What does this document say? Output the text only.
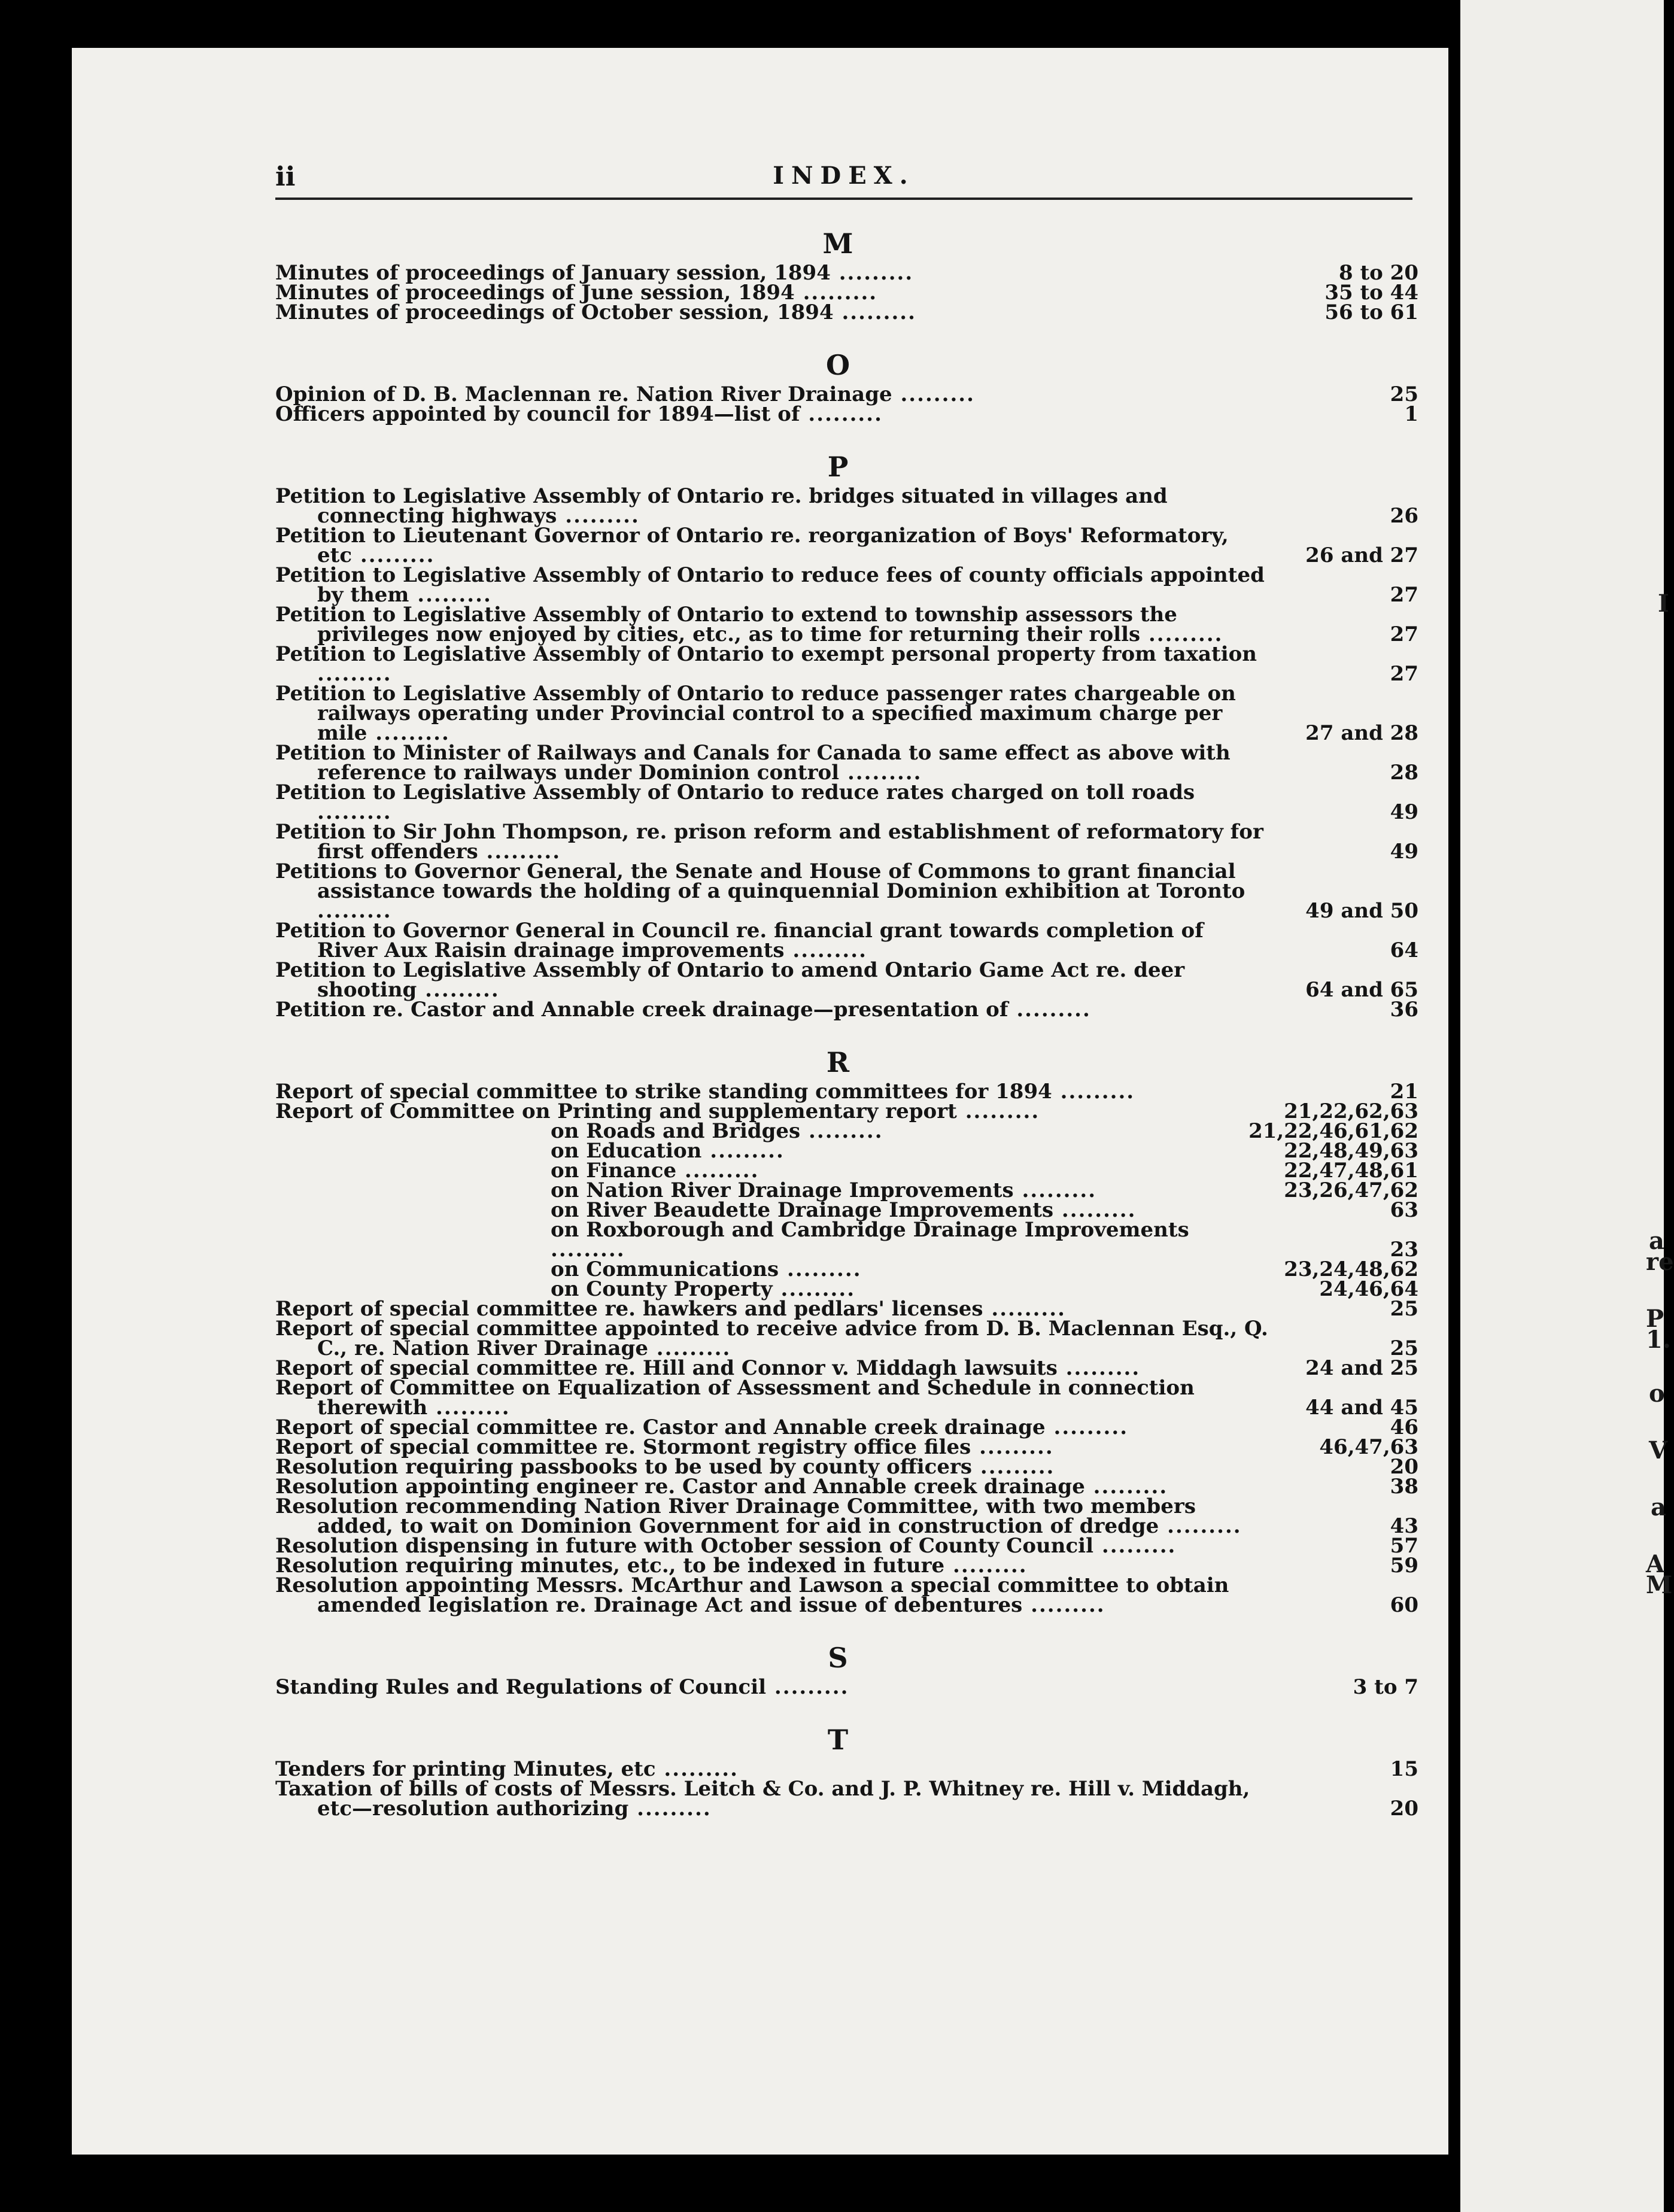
ii	INDEX.
M
Minutes of proceedings of January session, 1894 .........	8 to 20
Minutes of proceedings of June session, 1894 .........	35 to 44
Minutes of proceedings of October session, 1894 .........	56 to 61
O
Opinion of D. B. Maclennan re. Nation River Drainage .........	25
Officers appointed by council for 1894—list of .........	1
P
Petition to Legislative Assembly of Ontario re. bridges situated in villages and connecting highways .........	26
Petition to Lieutenant Governor of Ontario re. reorganization of Boys' Reformatory, etc .........	26 and 27
Petition to Legislative Assembly of Ontario to reduce fees of county officials appointed by them .........	27
Petition to Legislative Assembly of Ontario to extend to township assessors the privileges now enjoyed by cities, etc., as to time for returning their rolls .........	27
Petition to Legislative Assembly of Ontario to exempt personal property from taxation .........	27
Petition to Legislative Assembly of Ontario to reduce passenger rates chargeable on railways operating under Provincial control to a specified maximum charge per mile .........	27 and 28
Petition to Minister of Railways and Canals for Canada to same effect as above with reference to railways under Dominion control .........	28
Petition to Legislative Assembly of Ontario to reduce rates charged on toll roads .........	49
Petition to Sir John Thompson, re. prison reform and establishment of reformatory for first offenders .........	49
Petitions to Governor General, the Senate and House of Commons to grant financial assistance towards the holding of a quinquennial Dominion exhibition at Toronto .........	49 and 50
Petition to Governor General in Council re. financial grant towards completion of River Aux Raisin drainage improvements .........	64
Petition to Legislative Assembly of Ontario to amend Ontario Game Act re. deer shooting .........	64 and 65
Petition re. Castor and Annable creek drainage—presentation of .........	36
R
Report of special committee to strike standing committees for 1894 .........	21
Report of Committee on Printing and supplementary report .........	21,22,62,63
on Roads and Bridges .........	21,22,46,61,62
on Education .........	22,48,49,63
on Finance .........	22,47,48,61
on Nation River Drainage Improvements .........	23,26,47,62
on River Beaudette Drainage Improvements .........	63
on Roxborough and Cambridge Drainage Improvements .........	23
on Communications .........	23,24,48,62
on County Property .........	24,46,64
Report of special committee re. hawkers and pedlars' licenses .........	25
Report of special committee appointed to receive advice from D. B. Maclennan Esq., Q. C., re. Nation River Drainage .........	25
Report of special committee re. Hill and Connor v. Middagh lawsuits .........	24 and 25
Report of Committee on Equalization of Assessment and Schedule in connection therewith .........	44 and 45
Report of special committee re. Castor and Annable creek drainage .........	46
Report of special committee re. Stormont registry office files .........	46,47,63
Resolution requiring passbooks to be used by county officers .........	20
Resolution appointing engineer re. Castor and Annable creek drainage .........	38
Resolution recommending Nation River Drainage Committee, with two members added, to wait on Dominion Government for aid in construction of dredge .........	43
Resolution dispensing in future with October session of County Council .........	57
Resolution requiring minutes, etc., to be indexed in future .........	59
Resolution appointing Messrs. McArthur and Lawson a special committee to obtain amended legislation re. Drainage Act and issue of debentures .........	60
S
Standing Rules and Regulations of Council .........	3 to 7
T
Tenders for printing Minutes, etc .........	15
Taxation of bills of costs of Messrs. Leitch & Co. and J. P. Whitney re. Hill v. Middagh, etc—resolution authorizing .........	20
I
a
re
P
1.
o
V
a
A
M
